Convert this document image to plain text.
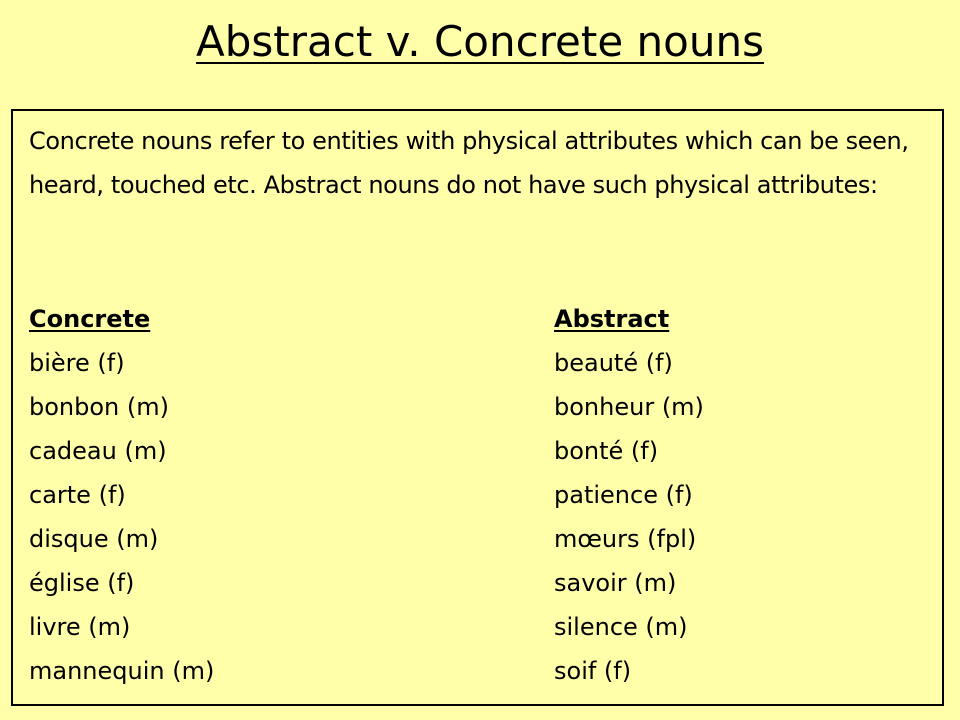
Abstract v. Concrete nouns

Concrete nouns refer to entities with physical attributes which can be seen, heard, touched etc. Abstract nouns do not have such physical attributes:

Concrete
bière (f)
bonbon (m)
cadeau (m)
carte (f)
disque (m)
église (f)
livre (m)
mannequin (m)
Abstract
beauté (f)
bonheur (m)
bonté (f)
patience (f)
mœurs (fpl)
savoir (m)
silence (m)
soif (f)
